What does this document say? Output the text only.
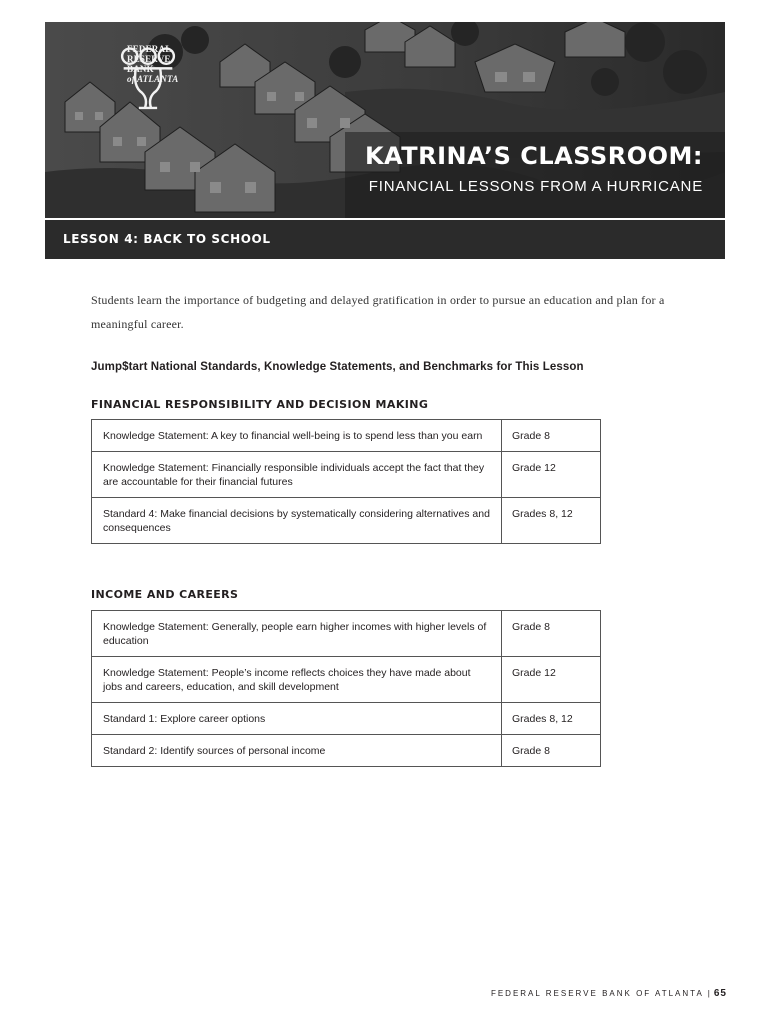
FEDERAL
RESERVE
BANK
of ATLANTA
KATRINA’S CLASSROOM:
FINANCIAL LESSONS FROM A HURRICANE
LESSON 4: BACK TO SCHOOL
Students learn the importance of budgeting and delayed gratification in order to pursue an education and plan for a meaningful career.
Jump$tart National Standards, Knowledge Statements, and Benchmarks for This Lesson
FINANCIAL RESPONSIBILITY AND DECISION MAKING
Knowledge Statement: A key to financial well-being is to spend less than you earn	Grade 8
Knowledge Statement: Financially responsible individuals accept the fact that they are accountable for their financial futures	Grade 12
Standard 4: Make financial decisions by systematically considering alternatives and consequences	Grades 8, 12
INCOME AND CAREERS
Knowledge Statement: Generally, people earn higher incomes with higher levels of education	Grade 8
Knowledge Statement: People’s income reflects choices they have made about jobs and careers, education, and skill development	Grade 12
Standard 1: Explore career options	Grades 8, 12
Standard 2: Identify sources of personal income	Grade 8
FEDERAL RESERVE BANK OF ATLANTA | 65
